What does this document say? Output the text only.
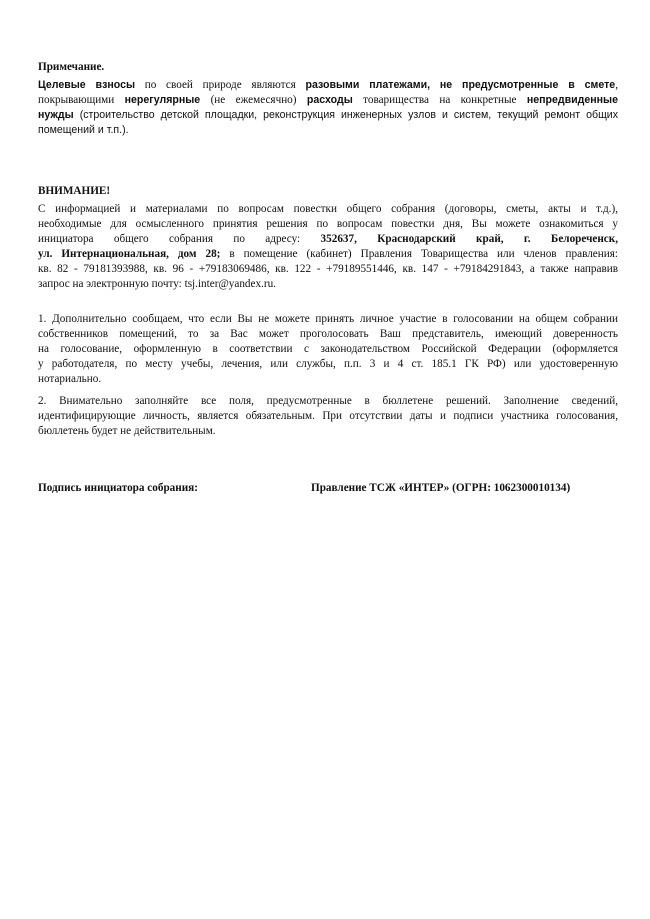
Примечание.
Целевые взносы по своей природе являются разовыми платежами, не предусмотренные в смете,
покрывающими нерегулярные (не ежемесячно) расходы товарищества на конкретные непредвиденные
нужды (строительство детской площадки, реконструкция инженерных узлов и систем, текущий ремонт общих
помещений и т.п.).
ВНИМАНИЕ!
С информацией и материалами по вопросам повестки общего собрания (договоры, сметы, акты и т.д.),
необходимые для осмысленного принятия решения по вопросам повестки дня, Вы можете ознакомиться у
инициатора общего собрания по адресу: 352637, Краснодарский край, г. Белореченск,
ул. Интернациональная, дом 28; в помещение (кабинет) Правления Товарищества или членов правления:
кв. 82 - 79181393988, кв. 96 - +79183069486, кв. 122 - +79189551446, кв. 147 - +79184291843, а также направив
запрос на электронную почту: tsj.inter@yandex.ru.
1. Дополнительно сообщаем, что если Вы не можете принять личное участие в голосовании на общем собрании
собственников помещений, то за Вас может проголосовать Ваш представитель, имеющий доверенность
на голосование, оформленную в соответствии с законодательством Российской Федерации (оформляется
у работодателя, по месту учебы, лечения, или службы, п.п. 3 и 4 ст. 185.1 ГК РФ) или удостоверенную
нотариально.
2. Внимательно заполняйте все поля, предусмотренные в бюллетене решений. Заполнение сведений,
идентифицирующие личность, является обязательным. При отсутствии даты и подписи участника голосования,
бюллетень будет не действительным.
Подпись инициатора собрания:	Правление ТСЖ «ИНТЕР» (ОГРН: 1062300010134)
